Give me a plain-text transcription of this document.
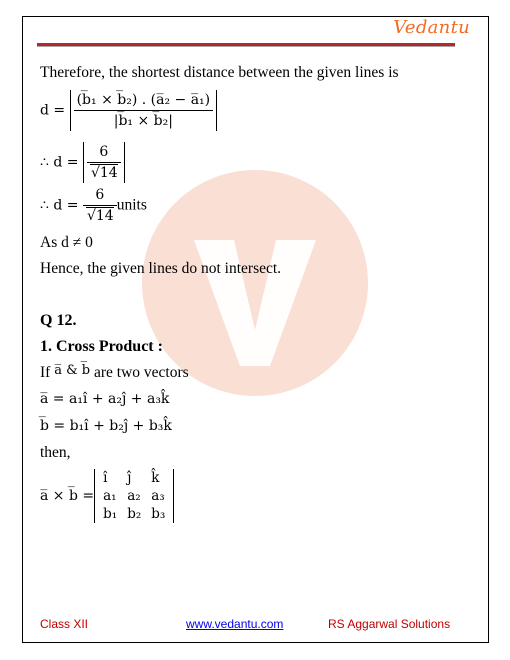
Vedantu
Therefore, the shortest distance between the given lines is
$d = \frac{\text{(b̅₁ × b̅₂) . (a̅₂ − a̅₁)}}{\text{|b̅₁ × b̅₂|}}$
∴ $d = \frac{6}{√14}$
∴ $d = \frac{6}{√14}$ units
As d ≠ 0
Hence, the given lines do not intersect.
Q 12.
1. Cross Product :
If a̅ & b̅ are two vectors
a̅ = a₁î + a₂ĵ + a₃k̂
b̅ = b₁î + b₂ĵ + b₃k̂
then,
a̅ × b̅ =
î	ĵ	k̂
a₁	a₂	a₃
b₁	b₂	b₃
Class XII	www.vedantu.com	RS Aggarwal Solutions
